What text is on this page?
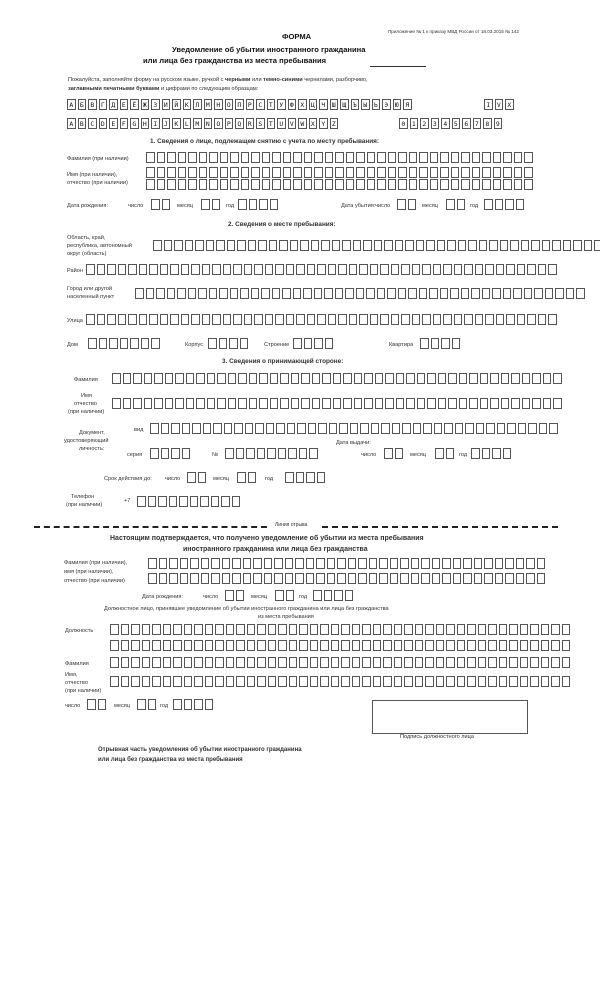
ФОРМА
Приложение № 1 к приказу МВД России от 18.03.2015 № 142
Уведомление об убытии иностранного гражданина
или лица без гражданства из места пребывания
Пожалуйста, заполняйте форму на русском языке, ручкой с черными или темно-синими чернилами, разборчиво,
заглавными печатными буквами и цифрами по следующим образцам:
А	Б	В	Г	Д	Е	Ё	Ж	З	И	Й	К	Л	М	Н	О	П	Р	С	Т	У	Ф	Х	Ц	Ч	Ш	Щ	Ъ	Ы	Ь	Э	Ю	Я	I	V	X
A	B	C	D	E	F	G	H	I	J	K	L	M	N	O	P	Q	R	S	T	U	V	W	X	Y	Z	0	1	2	3	4	5	6	7	8	9
1. Сведения о лице, подлежащем снятию с учета по месту пребывания:
Фамилия (при наличии)
Имя (при наличии),
отчество (при наличии)
Дата рождения:	число	месяц	год	Дата убытия: число	месяц	год
2. Сведения о месте пребывания:
Область, край,
республика, автономный
округ (область)
Район
Город или другой
населенный пункт
Улица
Дом	Корпус	Строение	Квартира
3. Сведения о принимающей стороне:
Фамилия
Имя
отчество
(при наличии)
Документ,
удостоверяющий
личность:
вид
Дата выдачи:
серия	№	число	месяц	год
Срок действия до: число	месяц	год
Телефон
(при наличии)
+7
Линия отрыва
Настоящим подтверждается, что получено уведомление об убытии из места пребывания
иностранного гражданина или лица без гражданства
Фамилия (при наличии),
имя (при наличии),
отчество (при наличии)
Дата рождения:	число	месяц	год
Должностное лицо, принявшее уведомление об убытии иностранного гражданина или лица без гражданства
из места пребывания
Должность
Фамилия
Имя,
отчество
(при наличии)
число	месяц	год
Подпись должностного лица
Отрывная часть уведомления об убытии иностранного гражданина
или лица без гражданства из места пребывания
